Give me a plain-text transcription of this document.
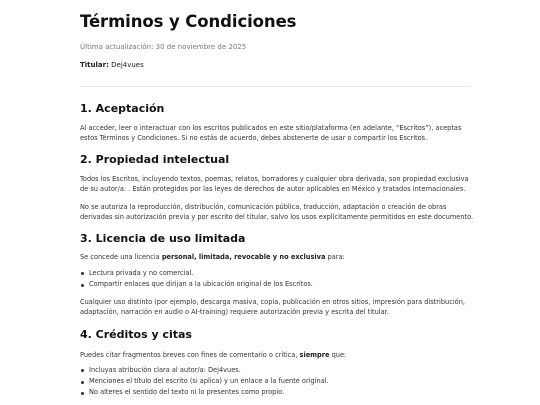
Términos y Condiciones
Última actualización: 30 de noviembre de 2025
Titular: Dej4vues
1. Aceptación

Al acceder, leer o interactuar con los escritos publicados en este sitio/plataforma (en adelante, “Escritos”), aceptas estos Términos y Condiciones. Si no estás de acuerdo, debes abstenerte de usar o compartir los Escritos.

2. Propiedad intelectual

Todos los Escritos, incluyendo textos, poemas, relatos, borradores y cualquier obra derivada, son propiedad exclusiva de su autor/a: . Están protegidos por las leyes de derechos de autor aplicables en México y tratados internacionales.

No se autoriza la reproducción, distribución, comunicación pública, traducción, adaptación o creación de obras derivadas sin autorización previa y por escrito del titular, salvo los usos explícitamente permitidos en este documento.

3. Licencia de uso limitada

Se concede una licencia personal, limitada, revocable y no exclusiva para:

Lectura privada y no comercial.
Compartir enlaces que dirijan a la ubicación original de los Escritos.

Cualquier uso distinto (por ejemplo, descarga masiva, copia, publicación en otros sitios, impresión para distribución, adaptación, narración en audio o AI-training) requiere autorización previa y escrita del titular.

4. Créditos y citas

Puedes citar fragmentos breves con fines de comentario o crítica, siempre que:

Incluyas atribución clara al autor/a: Dej4vues.
Menciones el título del escrito (si aplica) y un enlace a la fuente original.
No alteres el sentido del texto ni lo presentes como propio.
